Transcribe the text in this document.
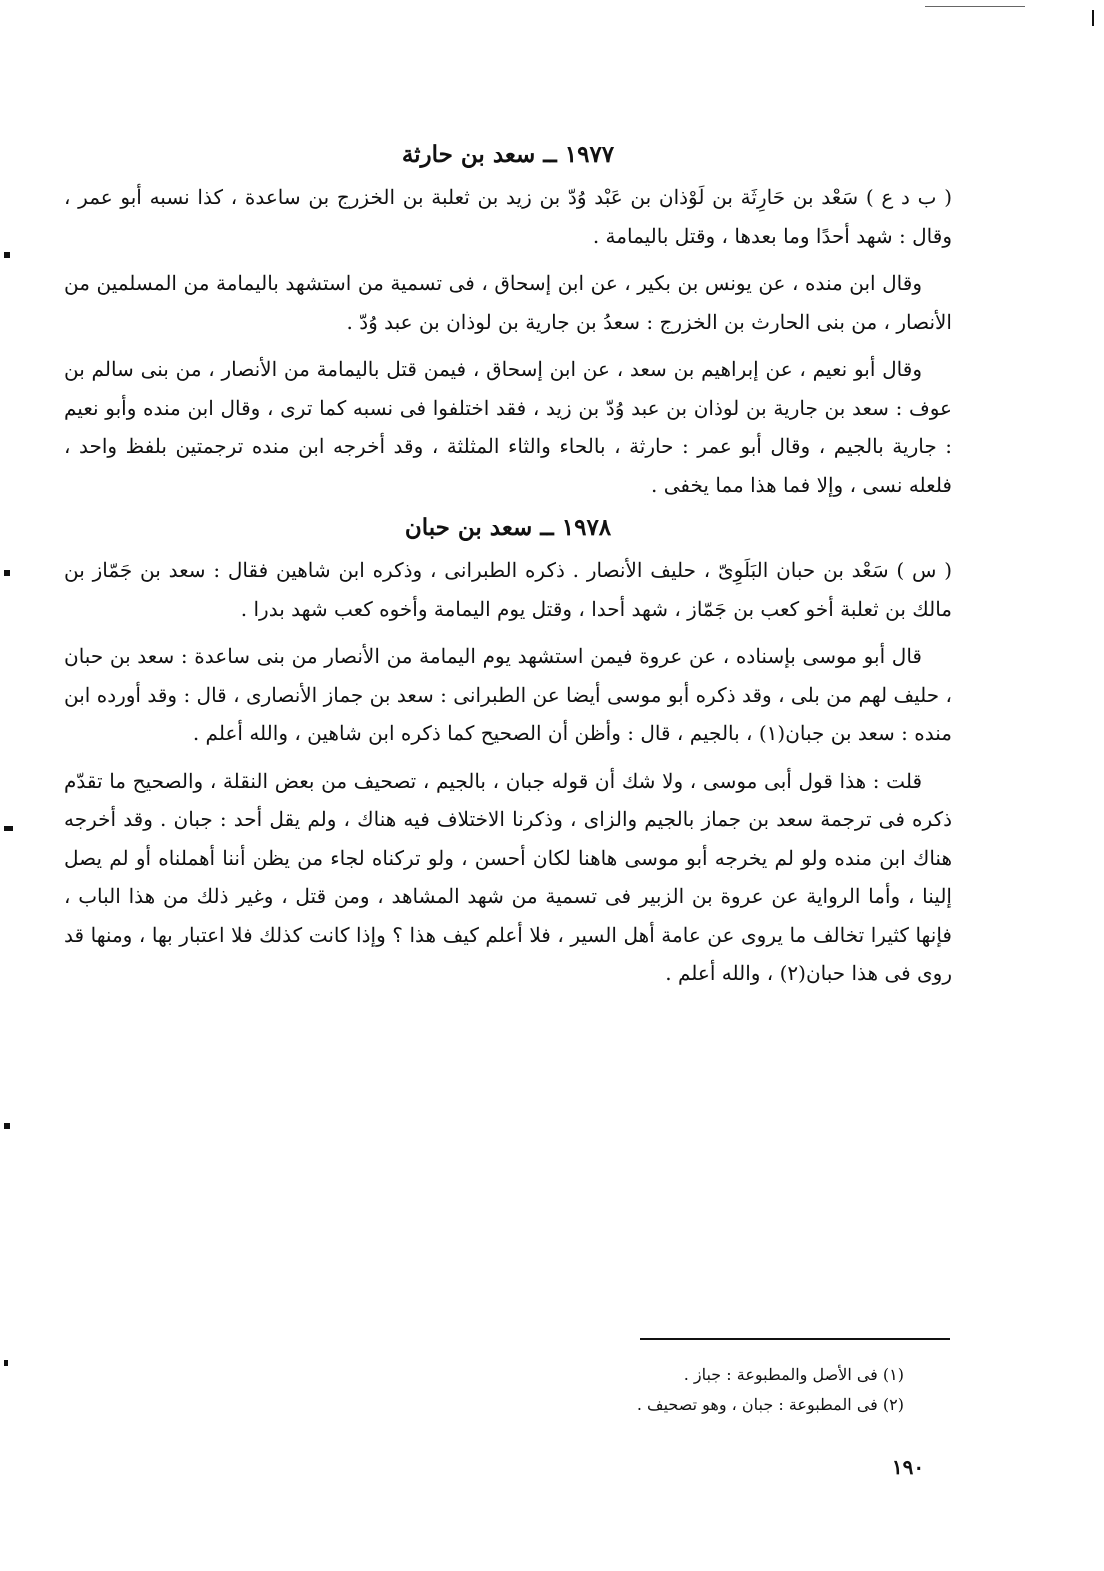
١٩٧٧ ــ سعد بن حارثة

( ب د ع ) سَعْد بن حَارِثَة بن لَوْذان بن عَبْد وُدّ بن زيد بن ثعلبة بن الخزرج بن ساعدة ، كذا نسبه أبو عمر ، وقال : شهد أحدًا وما بعدها ، وقتل باليمامة .

وقال ابن منده ، عن يونس بن بكير ، عن ابن إسحاق ، فى تسمية من استشهد باليمامة من المسلمين من الأنصار ، من بنى الحارث بن الخزرج : سعدُ بن جارية بن لوذان بن عبد وُدّ .

وقال أبو نعيم ، عن إبراهيم بن سعد ، عن ابن إسحاق ، فيمن قتل باليمامة من الأنصار ، من بنى سالم بن عوف : سعد بن جارية بن لوذان بن عبد وُدّ بن زيد ، فقد اختلفوا فى نسبه كما ترى ، وقال ابن منده وأبو نعيم : جارية بالجيم ، وقال أبو عمر : حارثة ، بالحاء والثاء المثلثة ، وقد أخرجه ابن منده ترجمتين بلفظ واحد ، فلعله نسى ، وإلا فما هذا مما يخفى .

١٩٧٨ ــ سعد بن حبان

( س ) سَعْد بن حبان البَلَوِىّ ، حليف الأنصار . ذكره الطبرانى ، وذكره ابن شاهين فقال : سعد بن جَمّاز بن مالك بن ثعلبة أخو كعب بن جَمّاز ، شهد أحدا ، وقتل يوم اليمامة وأخوه كعب شهد بدرا .

قال أبو موسى بإسناده ، عن عروة فيمن استشهد يوم اليمامة من الأنصار من بنى ساعدة : سعد بن حبان ، حليف لهم من بلى ، وقد ذكره أبو موسى أيضا عن الطبرانى : سعد بن جماز الأنصارى ، قال : وقد أورده ابن منده : سعد بن جبان(١) ، بالجيم ، قال : وأظن أن الصحيح كما ذكره ابن شاهين ، والله أعلم .

قلت : هذا قول أبى موسى ، ولا شك أن قوله جبان ، بالجيم ، تصحيف من بعض النقلة ، والصحيح ما تقدّم ذكره فى ترجمة سعد بن جماز بالجيم والزاى ، وذكرنا الاختلاف فيه هناك ، ولم يقل أحد : جبان . وقد أخرجه هناك ابن منده ولو لم يخرجه أبو موسى هاهنا لكان أحسن ، ولو تركناه لجاء من يظن أننا أهملناه أو لم يصل إلينا ، وأما الرواية عن عروة بن الزبير فى تسمية من شهد المشاهد ، ومن قتل ، وغير ذلك من هذا الباب ، فإنها كثيرا تخالف ما يروى عن عامة أهل السير ، فلا أعلم كيف هذا ؟ وإذا كانت كذلك فلا اعتبار بها ، ومنها قد روى فى هذا حبان(٢) ، والله أعلم .

(١) فى الأصل والمطبوعة : جباز .
(٢) فى المطبوعة : جبان ، وهو تصحيف .
١٩٠
